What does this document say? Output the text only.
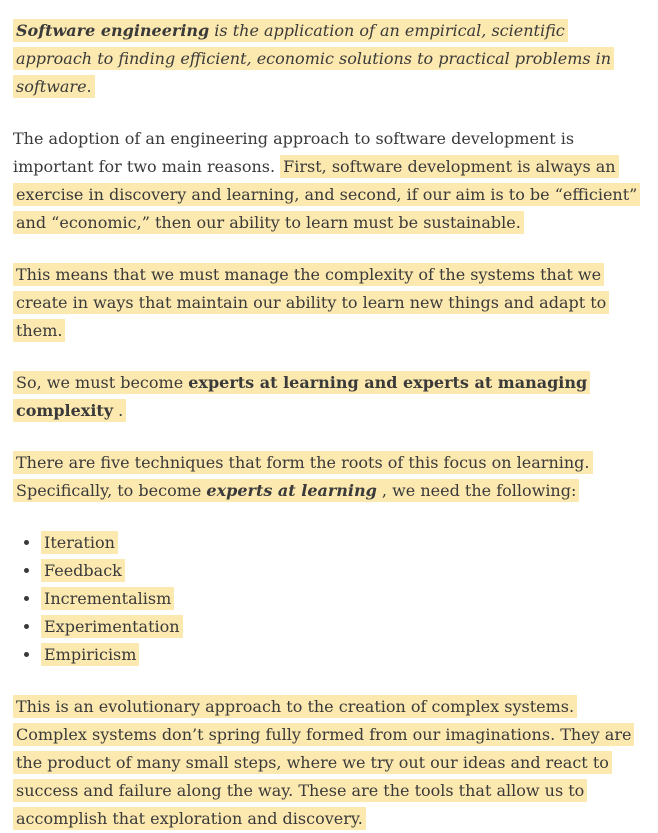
Software engineering is the application of an empirical, scientific approach to finding efficient, economic solutions to practical problems in software.

The adoption of an engineering approach to software development is important for two main reasons. First, software development is always an exercise in discovery and learning, and second, if our aim is to be “efficient” and “economic,” then our ability to learn must be sustainable.

This means that we must manage the complexity of the systems that we create in ways that maintain our ability to learn new things and adapt to them.

So, we must become experts at learning and experts at managing complexity .

There are five techniques that form the roots of this focus on learning. Specifically, to become experts at learning , we need the following:

• Iteration
• Feedback
• Incrementalism
• Experimentation
• Empiricism

This is an evolutionary approach to the creation of complex systems. Complex systems don’t spring fully formed from our imaginations. They are the product of many small steps, where we try out our ideas and react to success and failure along the way. These are the tools that allow us to accomplish that exploration and discovery.
